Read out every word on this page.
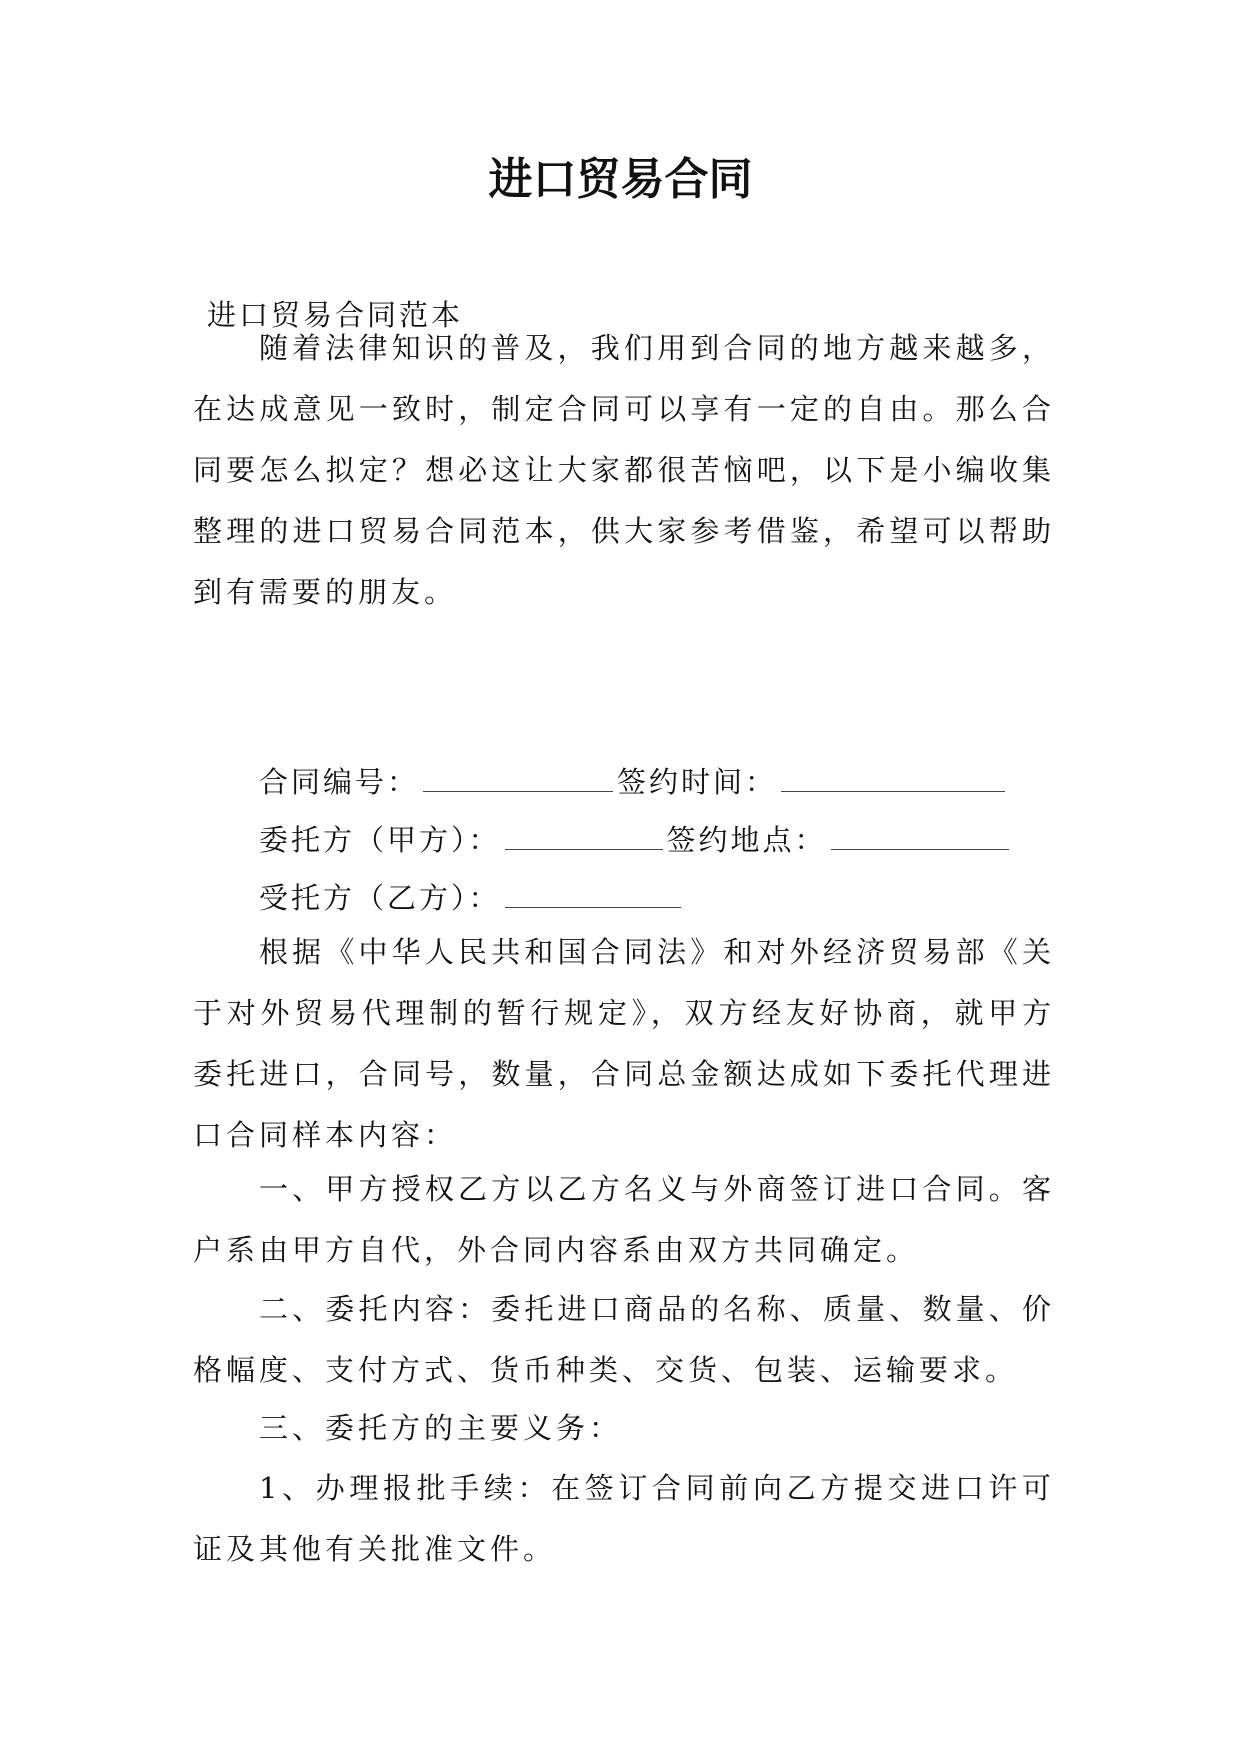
进口贸易合同

进口贸易合同范本

随着法律知识的普及，我们用到合同的地方越来越多，在达成意见一致时，制定合同可以享有一定的自由。那么合同要怎么拟定？想必这让大家都很苦恼吧，以下是小编收集整理的进口贸易合同范本，供大家参考借鉴，希望可以帮助到有需要的朋友。

合同编号：	签约时间：
委托方（甲方）：	签约地点：
受托方（乙方）：

根据《中华人民共和国合同法》和对外经济贸易部《关于对外贸易代理制的暂行规定》，双方经友好协商，就甲方委托进口，合同号，数量，合同总金额达成如下委托代理进口合同样本内容：

一、甲方授权乙方以乙方名义与外商签订进口合同。客户系由甲方自代，外合同内容系由双方共同确定。

二、委托内容：委托进口商品的名称、质量、数量、价格幅度、支付方式、货币种类、交货、包装、运输要求。

三、委托方的主要义务：

1、办理报批手续：在签订合同前向乙方提交进口许可证及其他有关批准文件。
